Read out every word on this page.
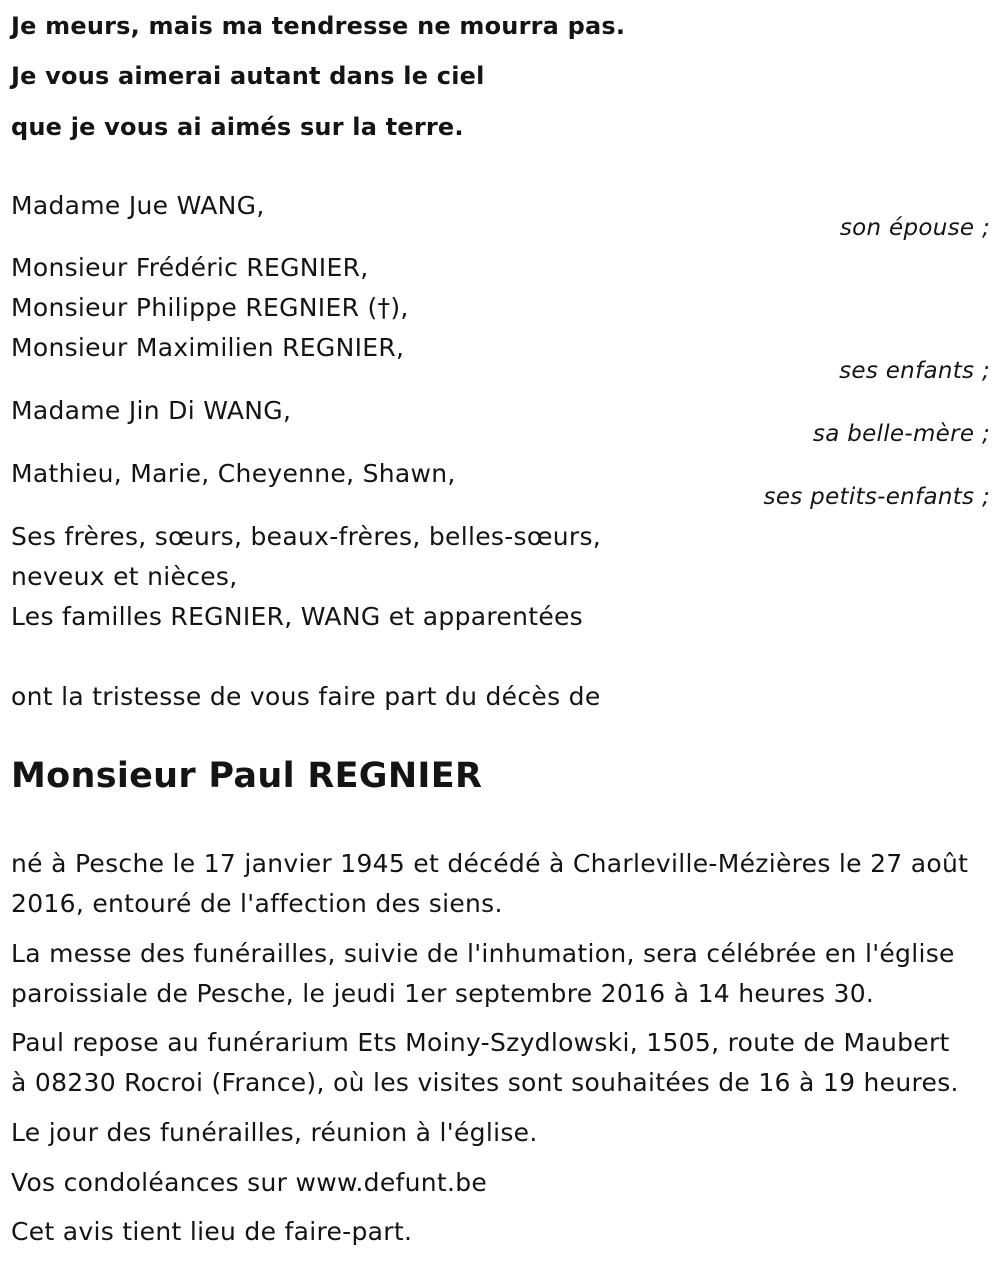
Je meurs, mais ma tendresse ne mourra pas.
Je vous aimerai autant dans le ciel
que je vous ai aimés sur la terre.
Madame Jue WANG,
son épouse ;
Monsieur Frédéric REGNIER,
Monsieur Philippe REGNIER (†),
Monsieur Maximilien REGNIER,
ses enfants ;
Madame Jin Di WANG,
sa belle-mère ;
Mathieu, Marie, Cheyenne, Shawn,
ses petits-enfants ;
Ses frères, sœurs, beaux-frères, belles-sœurs,
neveux et nièces,
Les familles REGNIER, WANG et apparentées
ont la tristesse de vous faire part du décès de
Monsieur Paul REGNIER
né à Pesche le 17 janvier 1945 et décédé à Charleville-Mézières le 27 août
2016, entouré de l'affection des siens.
La messe des funérailles, suivie de l'inhumation, sera célébrée en l'église
paroissiale de Pesche, le jeudi 1er septembre 2016 à 14 heures 30.
Paul repose au funérarium Ets Moiny-Szydlowski, 1505, route de Maubert
à 08230 Rocroi (France), où les visites sont souhaitées de 16 à 19 heures.
Le jour des funérailles, réunion à l'église.
Vos condoléances sur www.defunt.be
Cet avis tient lieu de faire-part.
